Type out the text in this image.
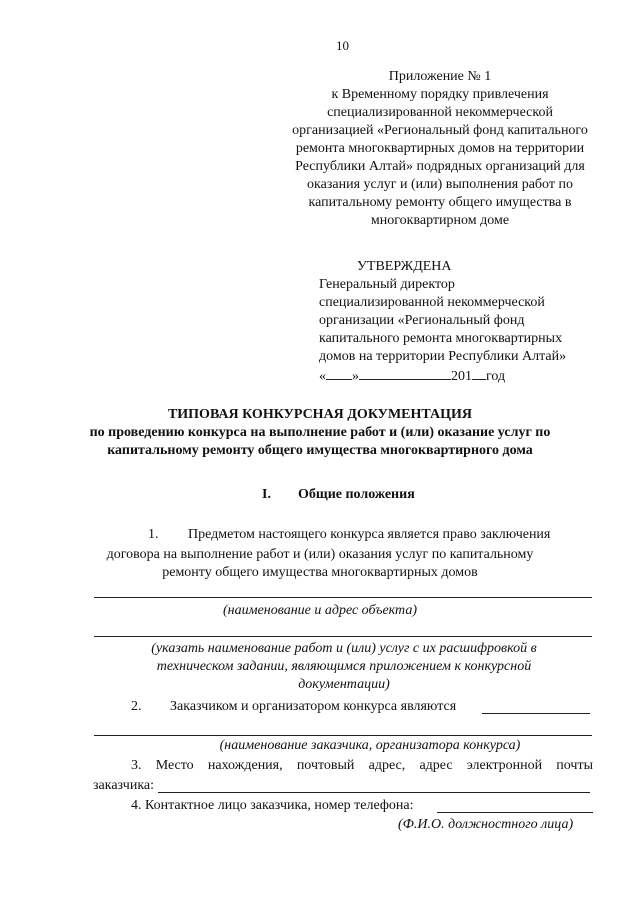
10
Приложение № 1
к Временному порядку привлечения
специализированной некоммерческой
организацией «Региональный фонд капитального
ремонта многоквартирных домов на территории
Республики Алтай» подрядных организаций для
оказания услуг и (или) выполнения работ по
капитальному ремонту общего имущества в
многоквартирном доме
УТВЕРЖДЕНА
Генеральный директор
специализированной некоммерческой
организации «Региональный фонд
капитального ремонта многоквартирных
домов на территории Республики Алтай»
« »	201 год
ТИПОВАЯ КОНКУРСНАЯ ДОКУМЕНТАЦИЯ
по проведению конкурса на выполнение работ и (или) оказание услуг по
капитальному ремонту общего имущества многоквартирного дома
I. Общие положения
1. Предметом настоящего конкурса является право заключения
договора на выполнение работ и (или) оказания услуг по капитальному
ремонту общего имущества многоквартирных домов
(наименование и адрес объекта)
(указать наименование работ и (или) услуг с их расшифровкой в
техническом задании, являющимся приложением к конкурсной
документации)
2. Заказчиком и организатором конкурса являются
(наименование заказчика, организатора конкурса)
3. Место нахождения, почтовый адрес, адрес электронной почты
заказчика:
4. Контактное лицо заказчика, номер телефона:
(Ф.И.О. должностного лица)
